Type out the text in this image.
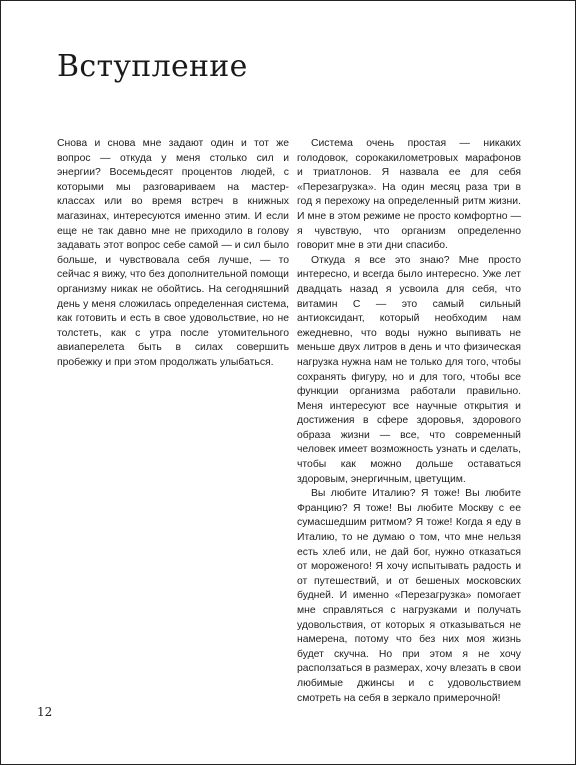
Вступление

Снова и снова мне задают один и тот же вопрос — откуда у меня столько сил и энергии? Восемьдесят процентов людей, с которыми мы разговариваем на мастер-классах или во время встреч в книжных магазинах, интересуются именно этим. И если еще не так давно мне не приходило в голову задавать этот вопрос себе самой — и сил было больше, и чувствовала себя лучше, — то сейчас я вижу, что без дополнительной помощи организму никак не обойтись. На сегодняшний день у меня сложилась определенная система, как готовить и есть в свое удовольствие, но не толстеть, как с утра после утомительного авиаперелета быть в силах совершить пробежку и при этом продолжать улыбаться.

Система очень простая — никаких голодовок, сорокакилометровых марафонов и триатлонов. Я назвала ее для себя «Перезагрузка». На один месяц раза три в год я перехожу на определенный ритм жизни. И мне в этом режиме не просто комфортно — я чувствую, что организм определенно говорит мне в эти дни спасибо.

Откуда я все это знаю? Мне просто интересно, и всегда было интересно. Уже лет двадцать назад я усвоила для себя, что витамин С — это самый сильный антиоксидант, который необходим нам ежедневно, что воды нужно выпивать не меньше двух литров в день и что физическая нагрузка нужна нам не только для того, чтобы сохранять фигуру, но и для того, чтобы все функции организма работали правильно. Меня интересуют все научные открытия и достижения в сфере здоровья, здорового образа жизни — все, что современный человек имеет возможность узнать и сделать, чтобы как можно дольше оставаться здоровым, энергичным, цветущим.

Вы любите Италию? Я тоже! Вы любите Францию? Я тоже! Вы любите Москву с ее сумасшедшим ритмом? Я тоже! Когда я еду в Италию, то не думаю о том, что мне нельзя есть хлеб или, не дай бог, нужно отказаться от мороженого! Я хочу испытывать радость и от путешествий, и от бешеных московских будней. И именно «Перезагрузка» помогает мне справляться с нагрузками и получать удовольствия, от которых я отказываться не намерена, потому что без них моя жизнь будет скучна. Но при этом я не хочу расползаться в размерах, хочу влезать в свои любимые джинсы и с удовольствием смотреть на себя в зеркало примерочной!

12
